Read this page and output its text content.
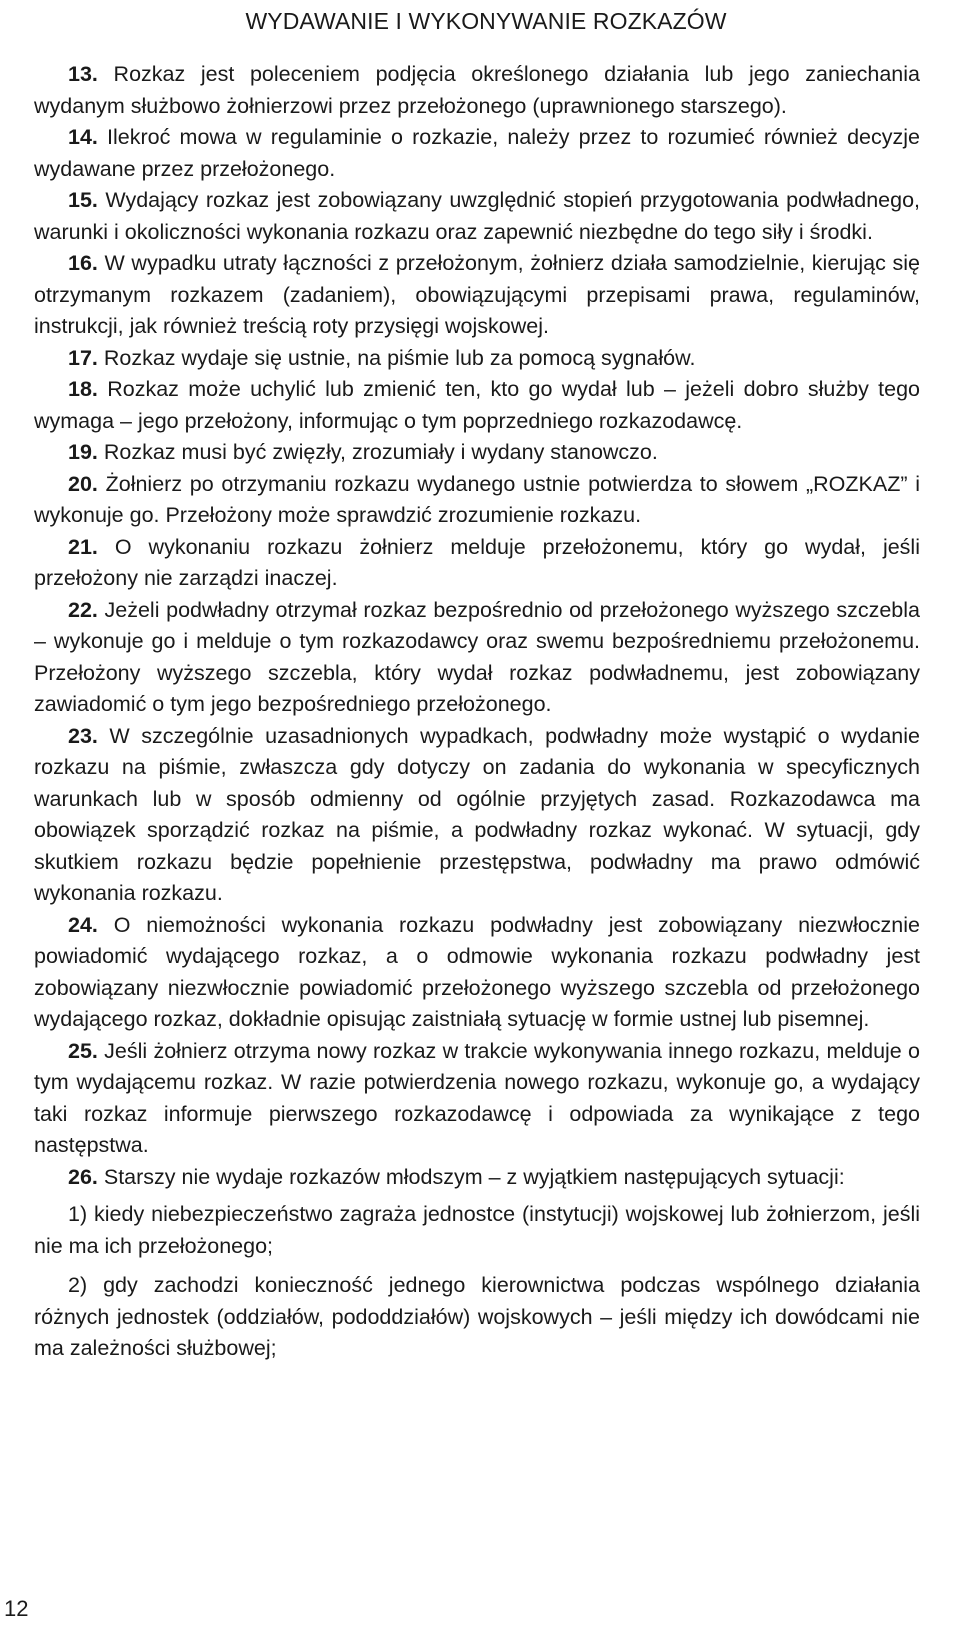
WYDAWANIE I WYKONYWANIE ROZKAZÓW

13. Rozkaz jest poleceniem podjęcia określonego działania lub jego zaniechania wydanym służbowo żołnierzowi przez przełożonego (uprawnionego starszego).

14. Ilekroć mowa w regulaminie o rozkazie, należy przez to rozumieć również decyzje wydawane przez przełożonego.

15. Wydający rozkaz jest zobowiązany uwzględnić stopień przygotowania podwładnego, warunki i okoliczności wykonania rozkazu oraz zapewnić niezbędne do tego siły i środki.

16. W wypadku utraty łączności z przełożonym, żołnierz działa samodzielnie, kierując się otrzymanym rozkazem (zadaniem), obowiązującymi przepisami prawa, regulaminów, instrukcji, jak również treścią roty przysięgi wojskowej.

17. Rozkaz wydaje się ustnie, na piśmie lub za pomocą sygnałów.

18. Rozkaz może uchylić lub zmienić ten, kto go wydał lub – jeżeli dobro służby tego wymaga – jego przełożony, informując o tym poprzedniego rozkazodawcę.

19. Rozkaz musi być zwięzły, zrozumiały i wydany stanowczo.

20. Żołnierz po otrzymaniu rozkazu wydanego ustnie potwierdza to słowem „ROZKAZ” i wykonuje go. Przełożony może sprawdzić zrozumienie rozkazu.

21. O wykonaniu rozkazu żołnierz melduje przełożonemu, który go wydał, jeśli przełożony nie zarządzi inaczej.

22. Jeżeli podwładny otrzymał rozkaz bezpośrednio od przełożonego wyższego szczebla – wykonuje go i melduje o tym rozkazodawcy oraz swemu bezpośredniemu przełożonemu. Przełożony wyższego szczebla, który wydał rozkaz podwładnemu, jest zobowiązany zawiadomić o tym jego bezpośredniego przełożonego.

23. W szczególnie uzasadnionych wypadkach, podwładny może wystąpić o wydanie rozkazu na piśmie, zwłaszcza gdy dotyczy on zadania do wykonania w specyficznych warunkach lub w sposób odmienny od ogólnie przyjętych zasad. Rozkazodawca ma obowiązek sporządzić rozkaz na piśmie, a podwładny rozkaz wykonać. W sytuacji, gdy skutkiem rozkazu będzie popełnienie przestępstwa, podwładny ma prawo odmówić wykonania rozkazu.

24. O niemożności wykonania rozkazu podwładny jest zobowiązany niezwłocznie powiadomić wydającego rozkaz, a o odmowie wykonania rozkazu podwładny jest zobowiązany niezwłocznie powiadomić przełożonego wyższego szczebla od przełożonego wydającego rozkaz, dokładnie opisując zaistniałą sytuację w formie ustnej lub pisemnej.

25. Jeśli żołnierz otrzyma nowy rozkaz w trakcie wykonywania innego rozkazu, melduje o tym wydającemu rozkaz. W razie potwierdzenia nowego rozkazu, wykonuje go, a wydający taki rozkaz informuje pierwszego rozkazodawcę i odpowiada za wynikające z tego następstwa.

26. Starszy nie wydaje rozkazów młodszym – z wyjątkiem następujących sytuacji:

1) kiedy niebezpieczeństwo zagraża jednostce (instytucji) wojskowej lub żołnierzom, jeśli nie ma ich przełożonego;

2) gdy zachodzi konieczność jednego kierownictwa podczas wspólnego działania różnych jednostek (oddziałów, pododdziałów) wojskowych – jeśli między ich dowódcami nie ma zależności służbowej;

12
